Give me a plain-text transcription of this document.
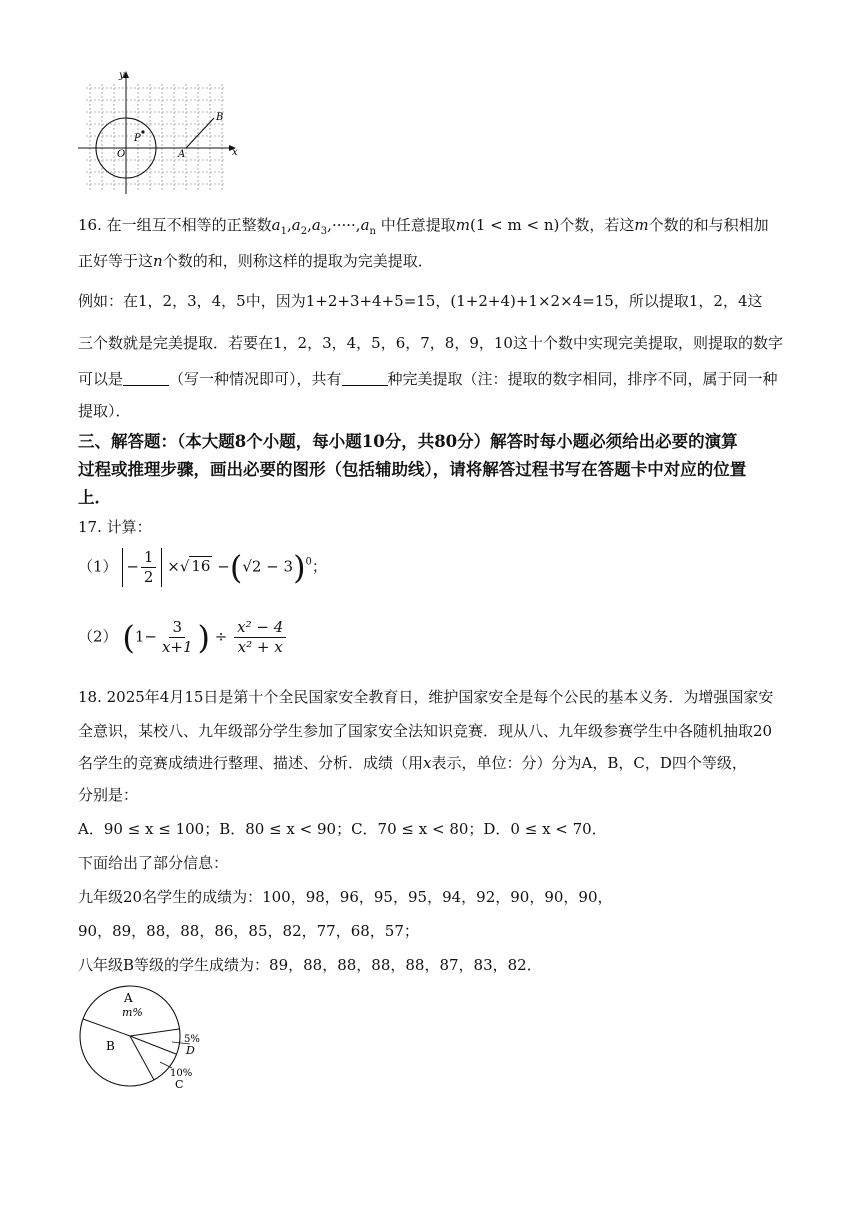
y
x
O
P
A
B
16. 在一组互不相等的正整数$a_1,a_2,a_3,\cdot\cdot\cdot\cdot\cdot,a_n$ 中任意提取m(1 < m < n)个数，若这m个数的和与积相加
正好等于这n个数的和，则称这样的提取为完美提取．
例如：在1，2，3，4，5中，因为1+2+3+4+5=15，(1+2+4)+1×2×4=15，所以提取1，2，4这
三个数就是完美提取．若要在1，2，3，4，5，6，7，8，9，10这十个数中实现完美提取，则提取的数字
可以是	（写一种情况即可），共有	种完美提取（注：提取的数字相同，排序不同，属于同一种
提取）．
三、解答题：（本大题8个小题，每小题10分，共80分）解答时每小题必须给出必要的演算
过程或推理步骤，画出必要的图形（包括辅助线），请将解答过程书写在答题卡中对应的位置
上．
17. 计算：
$(1) - \frac{1}{2}$ ×√ $16 -(√2 - 3)^0$；
（2） ($1- \frac{3}{x+1}$ ) ÷ $\frac{\text{x² − 4}}{\text{x² + x}}$
18. 2025年4月15日是第十个全民国家安全教育日，维护国家安全是每个公民的基本义务．为增强国家安
全意识，某校八、九年级部分学生参加了国家安全法知识竞赛．现从八、九年级参赛学生中各随机抽取20
名学生的竞赛成绩进行整理、描述、分析．成绩（用x表示，单位：分）分为A，B，C，D四个等级，
分别是：
A．90 ≤ x ≤ 100；B．80 ≤ x < 90；C．70 ≤ x < 80；D．0 ≤ x < 70．
下面给出了部分信息：
九年级20名学生的成绩为：100，98，96，95，95，94，92，90，90，90，
90，89，88，88，86，85，82，77，68，57；
八年级B等级的学生成绩为：89，88，88，88，88，87，83，82．
A
m%
B	5%
D
10%
C
